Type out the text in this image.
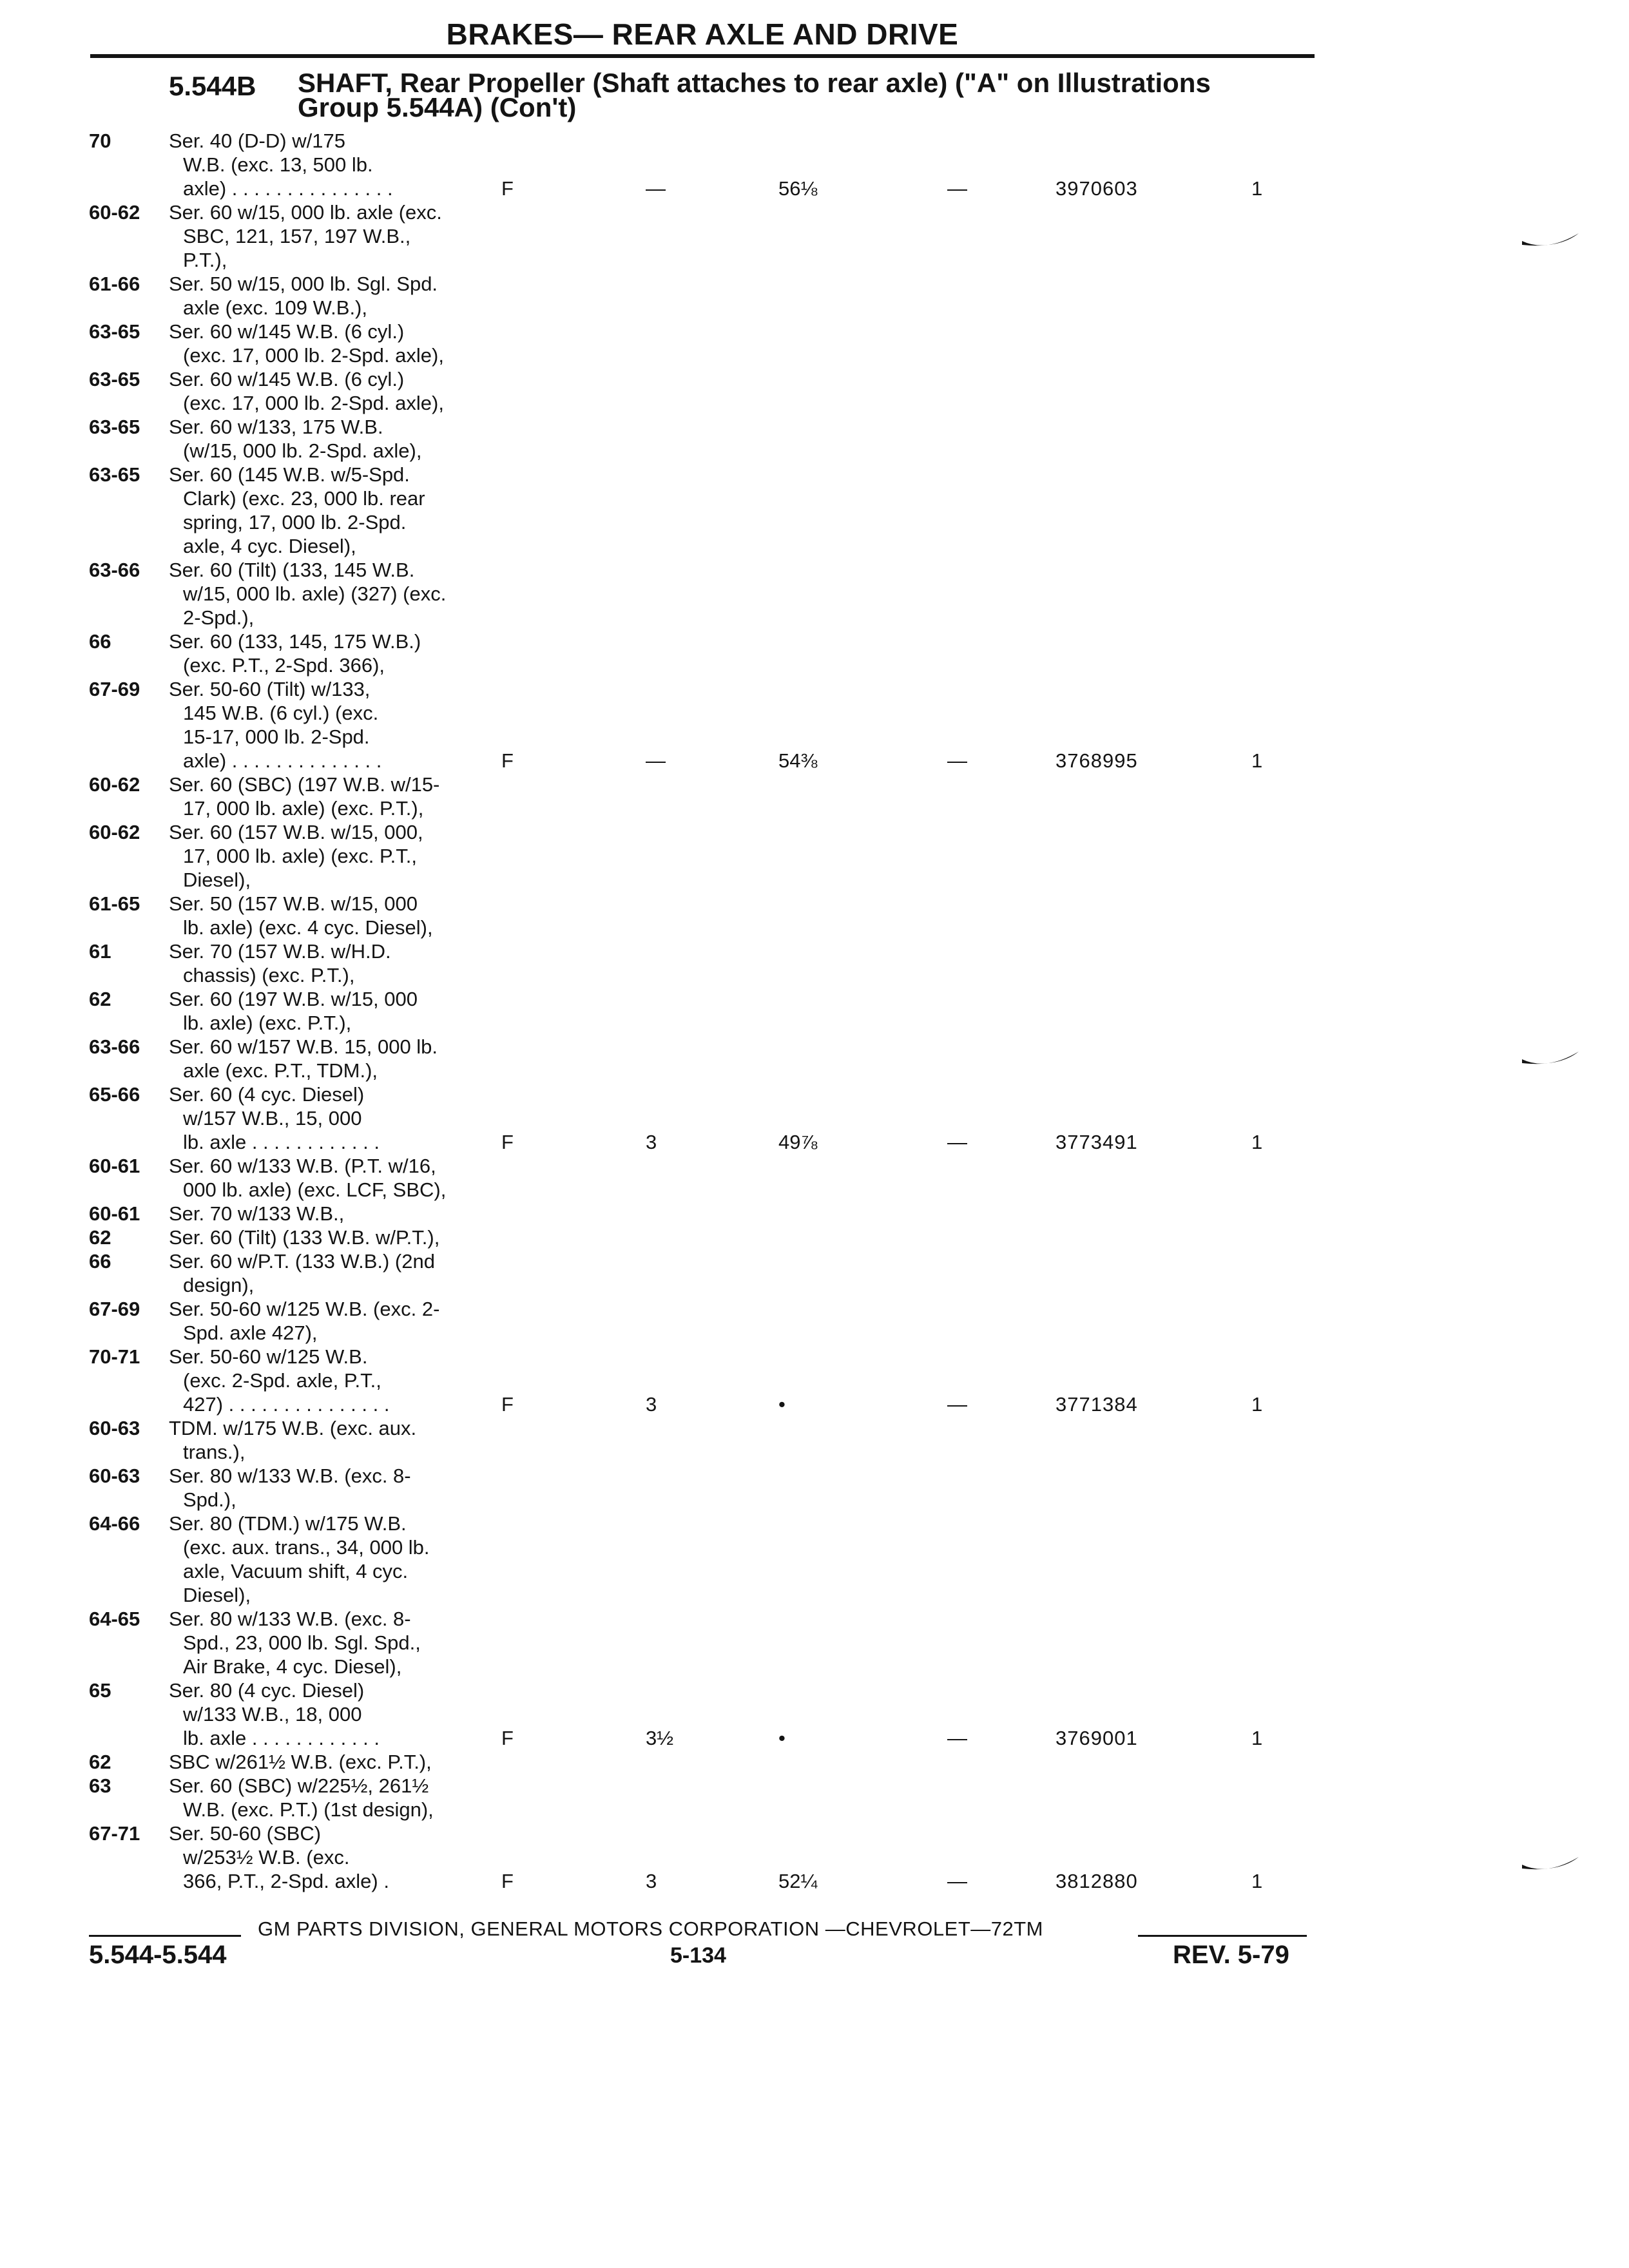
BRAKES— REAR AXLE AND DRIVE
5.544B SHAFT, Rear Propeller (Shaft attaches to rear axle) ("A" on Illustrations
Group 5.544A) (Con't)
70	Ser. 40 (D-D) w/175
W.B. (exc. 13, 500 lb.
axle) . . . . . . . . . . . . . . .	F	—	56⅛	—	3970603	1
60-62	Ser. 60 w/15, 000 lb. axle (exc.
SBC, 121, 157, 197 W.B.,
P.T.),
61-66	Ser. 50 w/15, 000 lb. Sgl. Spd.
axle (exc. 109 W.B.),
63-65	Ser. 60 w/145 W.B. (6 cyl.)
(exc. 17, 000 lb. 2-Spd. axle),
63-65	Ser. 60 w/145 W.B. (6 cyl.)
(exc. 17, 000 lb. 2-Spd. axle),
63-65	Ser. 60 w/133, 175 W.B.
(w/15, 000 lb. 2-Spd. axle),
63-65	Ser. 60 (145 W.B. w/5-Spd.
Clark) (exc. 23, 000 lb. rear
spring, 17, 000 lb. 2-Spd.
axle, 4 cyc. Diesel),
63-66	Ser. 60 (Tilt) (133, 145 W.B.
w/15, 000 lb. axle) (327) (exc.
2-Spd.),
66	Ser. 60 (133, 145, 175 W.B.)
(exc. P.T., 2-Spd. 366),
67-69	Ser. 50-60 (Tilt) w/133,
145 W.B. (6 cyl.) (exc.
15-17, 000 lb. 2-Spd.
axle) . . . . . . . . . . . . . .	F	—	54⅜	—	3768995	1
60-62	Ser. 60 (SBC) (197 W.B. w/15-
17, 000 lb. axle) (exc. P.T.),
60-62	Ser. 60 (157 W.B. w/15, 000,
17, 000 lb. axle) (exc. P.T.,
Diesel),
61-65	Ser. 50 (157 W.B. w/15, 000
lb. axle) (exc. 4 cyc. Diesel),
61	Ser. 70 (157 W.B. w/H.D.
chassis) (exc. P.T.),
62	Ser. 60 (197 W.B. w/15, 000
lb. axle) (exc. P.T.),
63-66	Ser. 60 w/157 W.B. 15, 000 lb.
axle (exc. P.T., TDM.),
65-66	Ser. 60 (4 cyc. Diesel)
w/157 W.B., 15, 000
lb. axle . . . . . . . . . . . .	F	3	49⅞	—	3773491	1
60-61	Ser. 60 w/133 W.B. (P.T. w/16,
000 lb. axle) (exc. LCF, SBC),
60-61	Ser. 70 w/133 W.B.,
62	Ser. 60 (Tilt) (133 W.B. w/P.T.),
66	Ser. 60 w/P.T. (133 W.B.) (2nd
design),
67-69	Ser. 50-60 w/125 W.B. (exc. 2-
Spd. axle 427),
70-71	Ser. 50-60 w/125 W.B.
(exc. 2-Spd. axle, P.T.,
427) . . . . . . . . . . . . . . .	F	3	•	—	3771384	1
60-63	TDM. w/175 W.B. (exc. aux.
trans.),
60-63	Ser. 80 w/133 W.B. (exc. 8-
Spd.),
64-66	Ser. 80 (TDM.) w/175 W.B.
(exc. aux. trans., 34, 000 lb.
axle, Vacuum shift, 4 cyc.
Diesel),
64-65	Ser. 80 w/133 W.B. (exc. 8-
Spd., 23, 000 lb. Sgl. Spd.,
Air Brake, 4 cyc. Diesel),
65	Ser. 80 (4 cyc. Diesel)
w/133 W.B., 18, 000
lb. axle . . . . . . . . . . . .	F	3½	•	—	3769001	1
62	SBC w/261½ W.B. (exc. P.T.),
63	Ser. 60 (SBC) w/225½, 261½
W.B. (exc. P.T.) (1st design),
67-71	Ser. 50-60 (SBC)
w/253½ W.B. (exc.
366, P.T., 2-Spd. axle) .	F	3	52¼	—	3812880	1
GM PARTS DIVISION, GENERAL MOTORS CORPORATION —CHEVROLET—72TM
5.544-5.544	5-134	REV. 5-79
